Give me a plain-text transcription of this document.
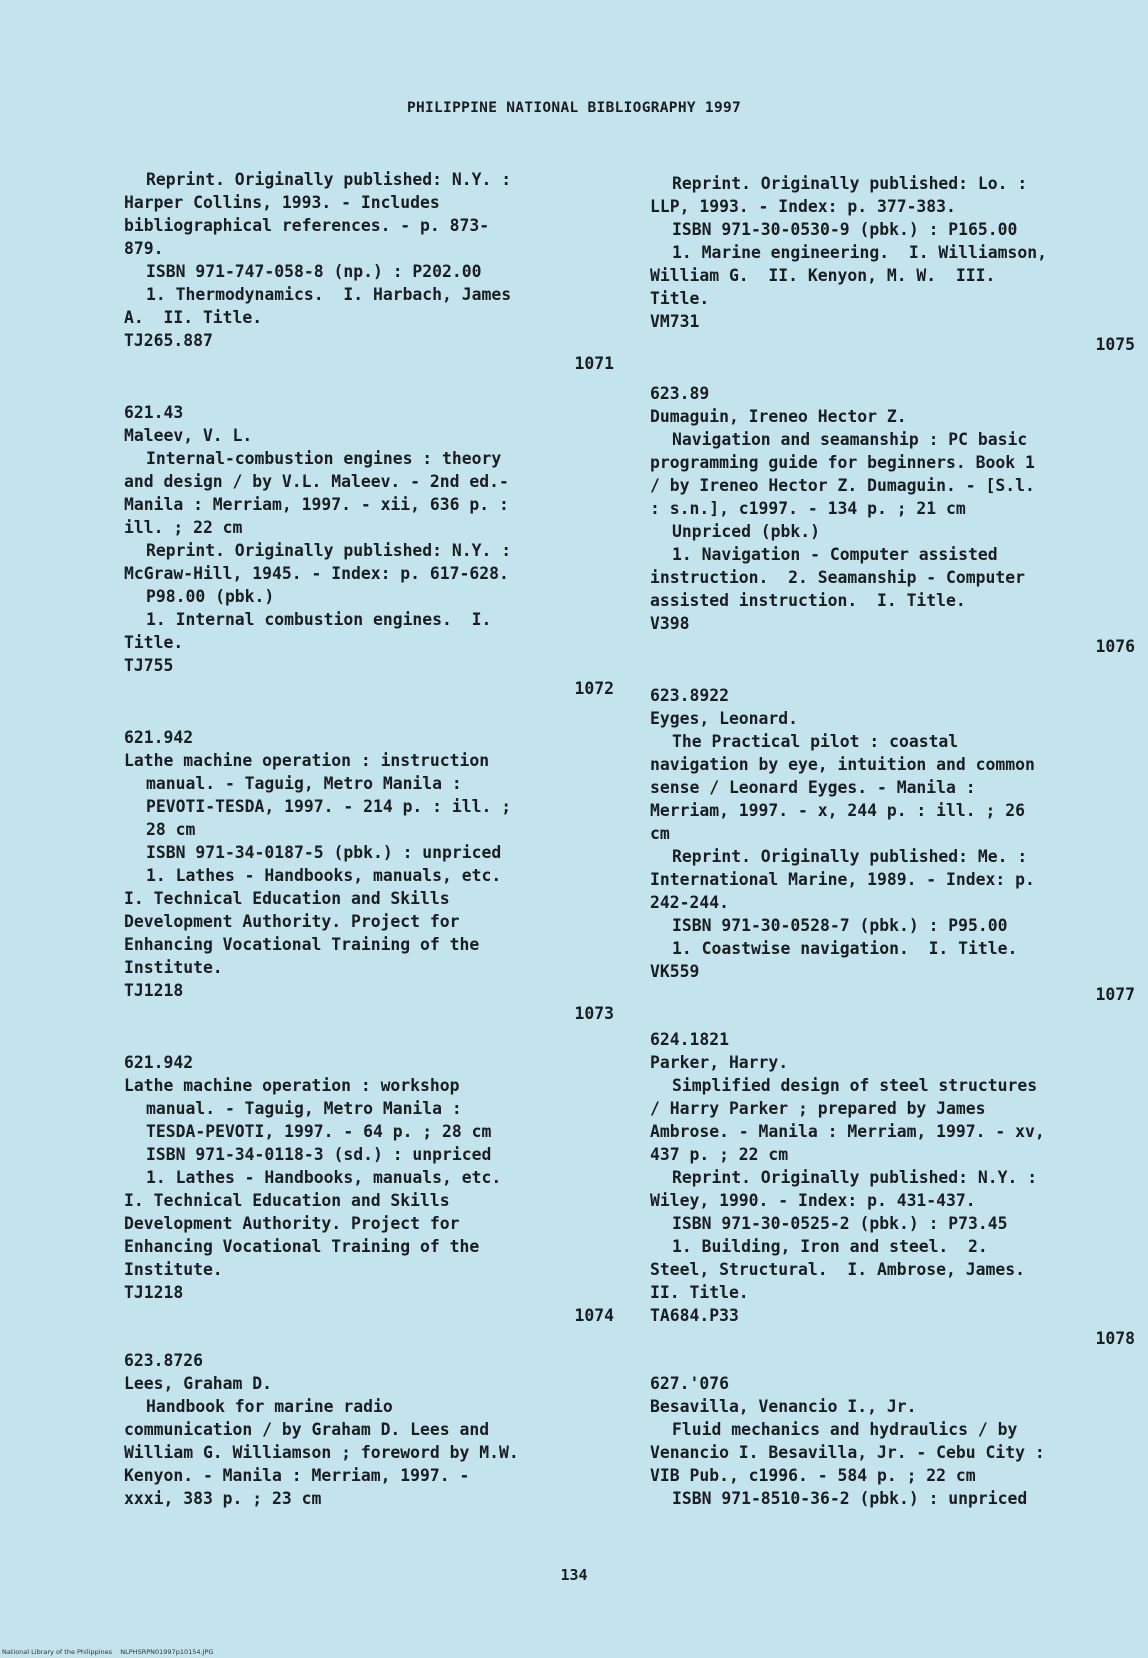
PHILIPPINE NATIONAL BIBLIOGRAPHY 1997
Reprint. Originally published: N.Y. :
Harper Collins, 1993. - Includes
bibliographical references. - p. 873-
879.
ISBN 971-747-058-8 (np.) : P202.00
1. Thermodynamics.  I. Harbach, James
A.  II. Title.
TJ265.887
1071
621.43
Maleev, V. L.
Internal-combustion engines : theory
and design / by V.L. Maleev. - 2nd ed.-
Manila : Merriam, 1997. - xii, 636 p. :
ill. ; 22 cm
Reprint. Originally published: N.Y. :
McGraw-Hill, 1945. - Index: p. 617-628.
P98.00 (pbk.)
1. Internal combustion engines.  I.
Title.
TJ755
1072
621.942
Lathe machine operation : instruction
manual. - Taguig, Metro Manila :
PEVOTI-TESDA, 1997. - 214 p. : ill. ;
28 cm
ISBN 971-34-0187-5 (pbk.) : unpriced
1. Lathes - Handbooks, manuals, etc.
I. Technical Education and Skills
Development Authority. Project for
Enhancing Vocational Training of the
Institute.
TJ1218
1073
621.942
Lathe machine operation : workshop
manual. - Taguig, Metro Manila :
TESDA-PEVOTI, 1997. - 64 p. ; 28 cm
ISBN 971-34-0118-3 (sd.) : unpriced
1. Lathes - Handbooks, manuals, etc.
I. Technical Education and Skills
Development Authority. Project for
Enhancing Vocational Training of the
Institute.
TJ1218
1074
623.8726
Lees, Graham D.
Handbook for marine radio
communication / by Graham D. Lees and
William G. Williamson ; foreword by M.W.
Kenyon. - Manila : Merriam, 1997. -
xxxi, 383 p. ; 23 cm
Reprint. Originally published: Lo. :
LLP, 1993. - Index: p. 377-383.
ISBN 971-30-0530-9 (pbk.) : P165.00
1. Marine engineering.  I. Williamson,
William G.  II. Kenyon, M. W.  III.
Title.
VM731
1075
623.89
Dumaguin, Ireneo Hector Z.
Navigation and seamanship : PC basic
programming guide for beginners. Book 1
/ by Ireneo Hector Z. Dumaguin. - [S.l.
: s.n.], c1997. - 134 p. ; 21 cm
Unpriced (pbk.)
1. Navigation - Computer assisted
instruction.  2. Seamanship - Computer
assisted instruction.  I. Title.
V398
1076
623.8922
Eyges, Leonard.
The Practical pilot : coastal
navigation by eye, intuition and common
sense / Leonard Eyges. - Manila :
Merriam, 1997. - x, 244 p. : ill. ; 26
cm
Reprint. Originally published: Me. :
International Marine, 1989. - Index: p.
242-244.
ISBN 971-30-0528-7 (pbk.) : P95.00
1. Coastwise navigation.  I. Title.
VK559
1077
624.1821
Parker, Harry.
Simplified design of steel structures
/ Harry Parker ; prepared by James
Ambrose. - Manila : Merriam, 1997. - xv,
437 p. ; 22 cm
Reprint. Originally published: N.Y. :
Wiley, 1990. - Index: p. 431-437.
ISBN 971-30-0525-2 (pbk.) : P73.45
1. Building, Iron and steel.  2.
Steel, Structural.  I. Ambrose, James.
II. Title.
TA684.P33
1078
627.'076
Besavilla, Venancio I., Jr.
Fluid mechanics and hydraulics / by
Venancio I. Besavilla, Jr. - Cebu City :
VIB Pub., c1996. - 584 p. ; 22 cm
ISBN 971-8510-36-2 (pbk.) : unpriced
134
National Library of the Philippines    NLPHSRPN01997p10154.JPG
